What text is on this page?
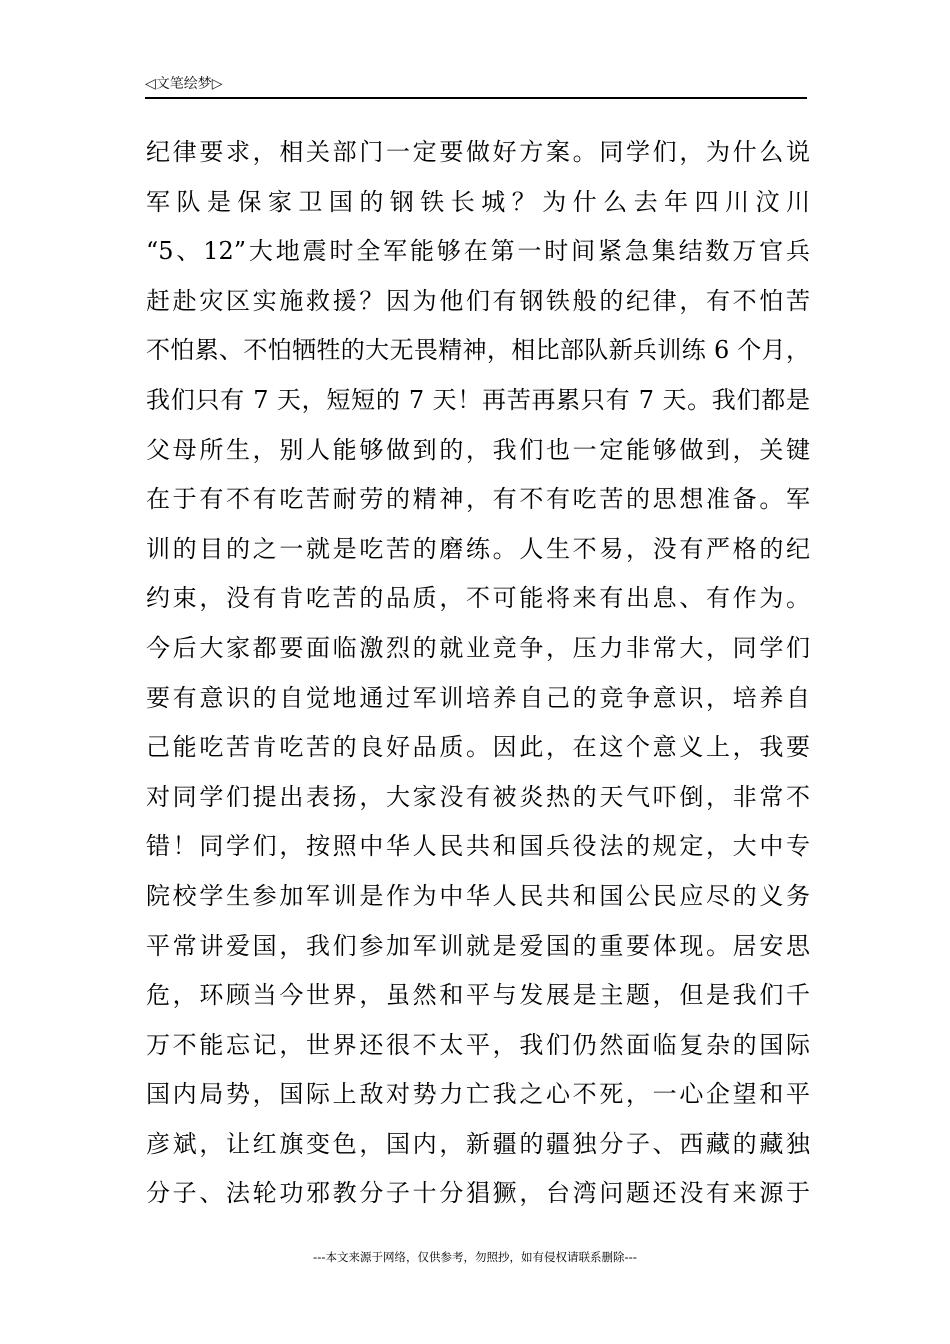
◁文笔绘梦▷
纪律要求，相关部门一定要做好方案。同学们，为什么说
军队是保家卫国的钢铁长城？为什么去年四川汶川
“5、12”大地震时全军能够在第一时间紧急集结数万官兵
赶赴灾区实施救援？因为他们有钢铁般的纪律，有不怕苦
不怕累、不怕牺牲的大无畏精神，相比部队新兵训练 6 个月，
我们只有 7 天，短短的 7 天！再苦再累只有 7 天。我们都是
父母所生，别人能够做到的，我们也一定能够做到，关键
在于有不有吃苦耐劳的精神，有不有吃苦的思想准备。军
训的目的之一就是吃苦的磨练。人生不易，没有严格的纪
约束，没有肯吃苦的品质，不可能将来有出息、有作为。
今后大家都要面临激烈的就业竞争，压力非常大，同学们
要有意识的自觉地通过军训培养自己的竞争意识，培养自
己能吃苦肯吃苦的良好品质。因此，在这个意义上，我要
对同学们提出表扬，大家没有被炎热的天气吓倒，非常不
错！同学们，按照中华人民共和国兵役法的规定，大中专
院校学生参加军训是作为中华人民共和国公民应尽的义务
平常讲爱国，我们参加军训就是爱国的重要体现。居安思
危，环顾当今世界，虽然和平与发展是主题，但是我们千
万不能忘记，世界还很不太平，我们仍然面临复杂的国际
国内局势，国际上敌对势力亡我之心不死，一心企望和平
彦斌，让红旗变色，国内，新疆的疆独分子、西藏的藏独
分子、法轮功邪教分子十分猖獗，台湾问题还没有来源于
---本文来源于网络，仅供参考，勿照抄，如有侵权请联系删除---
